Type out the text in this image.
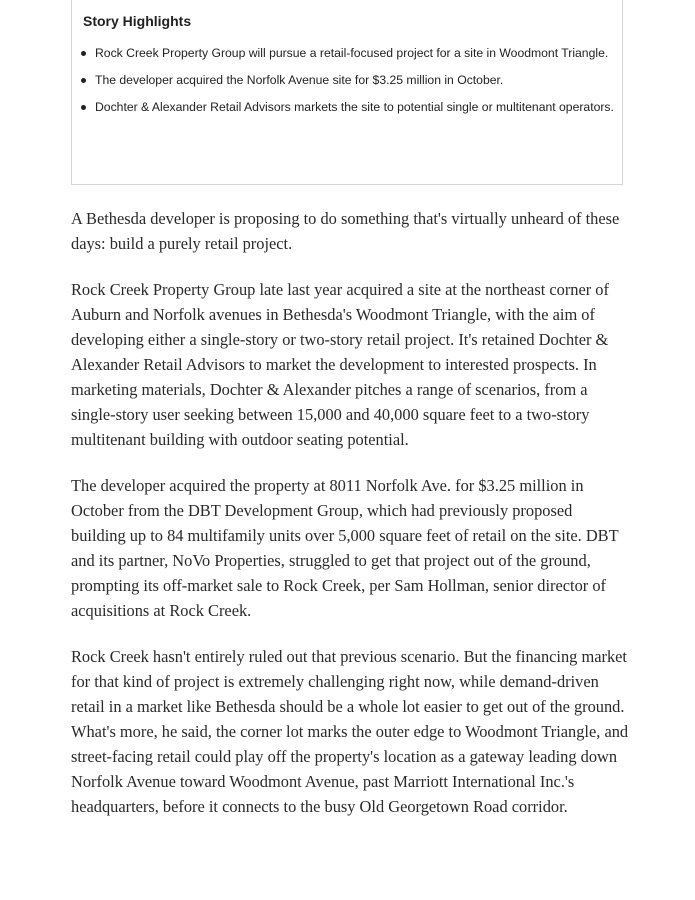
Story Highlights
Rock Creek Property Group will pursue a retail-focused project for a site in Woodmont Triangle.
The developer acquired the Norfolk Avenue site for $3.25 million in October.
Dochter & Alexander Retail Advisors markets the site to potential single or multitenant operators.

A Bethesda developer is proposing to do something that's virtually unheard of these days: build a purely retail project.

Rock Creek Property Group late last year acquired a site at the northeast corner of Auburn and Norfolk avenues in Bethesda's Woodmont Triangle, with the aim of developing either a single-story or two-story retail project. It's retained Dochter & Alexander Retail Advisors to market the development to interested prospects. In marketing materials, Dochter & Alexander pitches a range of scenarios, from a single-story user seeking between 15,000 and 40,000 square feet to a two-story multitenant building with outdoor seating potential.

The developer acquired the property at 8011 Norfolk Ave. for $3.25 million in October from the DBT Development Group, which had previously proposed building up to 84 multifamily units over 5,000 square feet of retail on the site. DBT and its partner, NoVo Properties, struggled to get that project out of the ground, prompting its off-market sale to Rock Creek, per Sam Hollman, senior director of acquisitions at Rock Creek.

Rock Creek hasn't entirely ruled out that previous scenario. But the financing market for that kind of project is extremely challenging right now, while demand-driven retail in a market like Bethesda should be a whole lot easier to get out of the ground. What's more, he said, the corner lot marks the outer edge to Woodmont Triangle, and street-facing retail could play off the property's location as a gateway leading down Norfolk Avenue toward Woodmont Avenue, past Marriott International Inc.'s headquarters, before it connects to the busy Old Georgetown Road corridor.
